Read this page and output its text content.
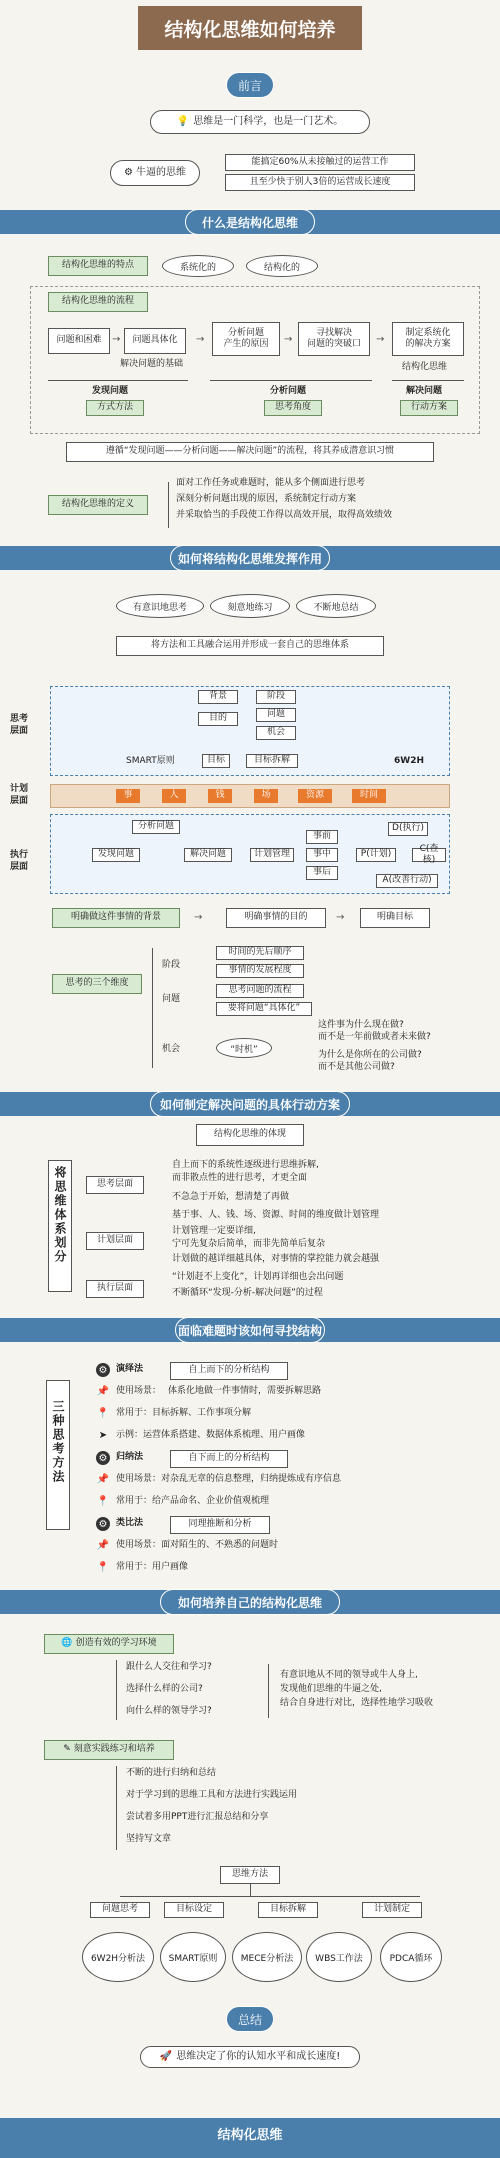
结构化思维如何培养
前言
💡 思维是一门科学，也是一门艺术。
⚙ 牛逼的思维
能搞定60%从未接触过的运营工作
且至少快于别人3倍的运营成长速度
什么是结构化思维
结构化思维的特点	系统化的	结构化的
结构化思维的流程
问题和困难	问题具体化
分析问题
产生的原因
寻找解决
问题的突破口
制定系统化
的解决方案
→	→	→	→
解决问题的基础	结构化思维
发现问题
方式方法
分析问题
思考角度
解决问题
行动方案
遵循“发现问题——分析问题——解决问题”的流程，将其养成潜意识习惯
结构化思维的定义
面对工作任务或难题时，能从多个侧面进行思考
深刻分析问题出现的原因，系统制定行动方案
并采取恰当的手段使工作得以高效开展，取得高效绩效
如何将结构化思维发挥作用
有意识地思考	刻意地练习	不断地总结
将方法和工具融合运用并形成一套自己的思维体系
思考
层面
背景
目的
阶段
问题
机会
SMART原则	目标	目标拆解	6W2H
计划
层面
事	人	钱	场	资源	时间
执行
层面
分析问题
发现问题	解决问题	计划管理
事前
事中
事后
P(计划)
D(执行)
C(查核)
A(改善行动)
明确做这件事情的背景	→	明确事情的目的	→	明确目标
思考的三个维度
阶段
时间的先后顺序
事情的发展程度
问题
思考问题的流程
要将问题“具体化”
机会	“时机”
这件事为什么现在做?
而不是一年前做或者未来做?
为什么是你所在的公司做?
而不是其他公司做?
如何制定解决问题的具体行动方案
结构化思维的体现
将思维体系划分	思考层面
自上而下的系统性逐级进行思维拆解,
而非散点性的进行思考，才更全面
不急急于开始，想清楚了再做
计划层面
基于事、人、钱、场、资源、时间的维度做计划管理
计划管理一定要详细,
宁可先复杂后简单，而非先简单后复杂
计划做的越详细越具体，对事情的掌控能力就会越强
执行层面
“计划赶不上变化”，计划再详细也会出问题
不断循环“发现-分析-解决问题”的过程
面临难题时该如何寻找结构
三种思考方法
⚙ 演绎法	自上而下的分析结构
📌 使用场景： 体系化地做一件事情时，需要拆解思路
📍 常用于：目标拆解、工作事项分解
➤ 示例：运营体系搭建、数据体系梳理、用户画像
⚙ 归纳法	自下而上的分析结构
📌 使用场景：对杂乱无章的信息整理，归纳提炼成有序信息
📍 常用于：给产品命名、企业价值观梳理
⚙ 类比法	同理推断和分析
📌 使用场景：面对陌生的、不熟悉的问题时
📍 常用于：用户画像
如何培养自己的结构化思维
🌐 创造有效的学习环境
跟什么人交往和学习?
选择什么样的公司?
向什么样的领导学习?
有意识地从不同的领导或牛人身上,
发现他们思维的牛逼之处,
结合自身进行对比，选择性地学习吸收
✎ 刻意实践练习和培养
不断的进行归纳和总结
对于学习到的思维工具和方法进行实践运用
尝试着多用PPT进行汇报总结和分享
坚持写文章
思维方法
问题思考	目标设定	目标拆解	计划制定
6W2H分析法	SMART原则	MECE分析法	WBS工作法	PDCA循环
总结
🚀 思维决定了你的认知水平和成长速度!
结构化思维
